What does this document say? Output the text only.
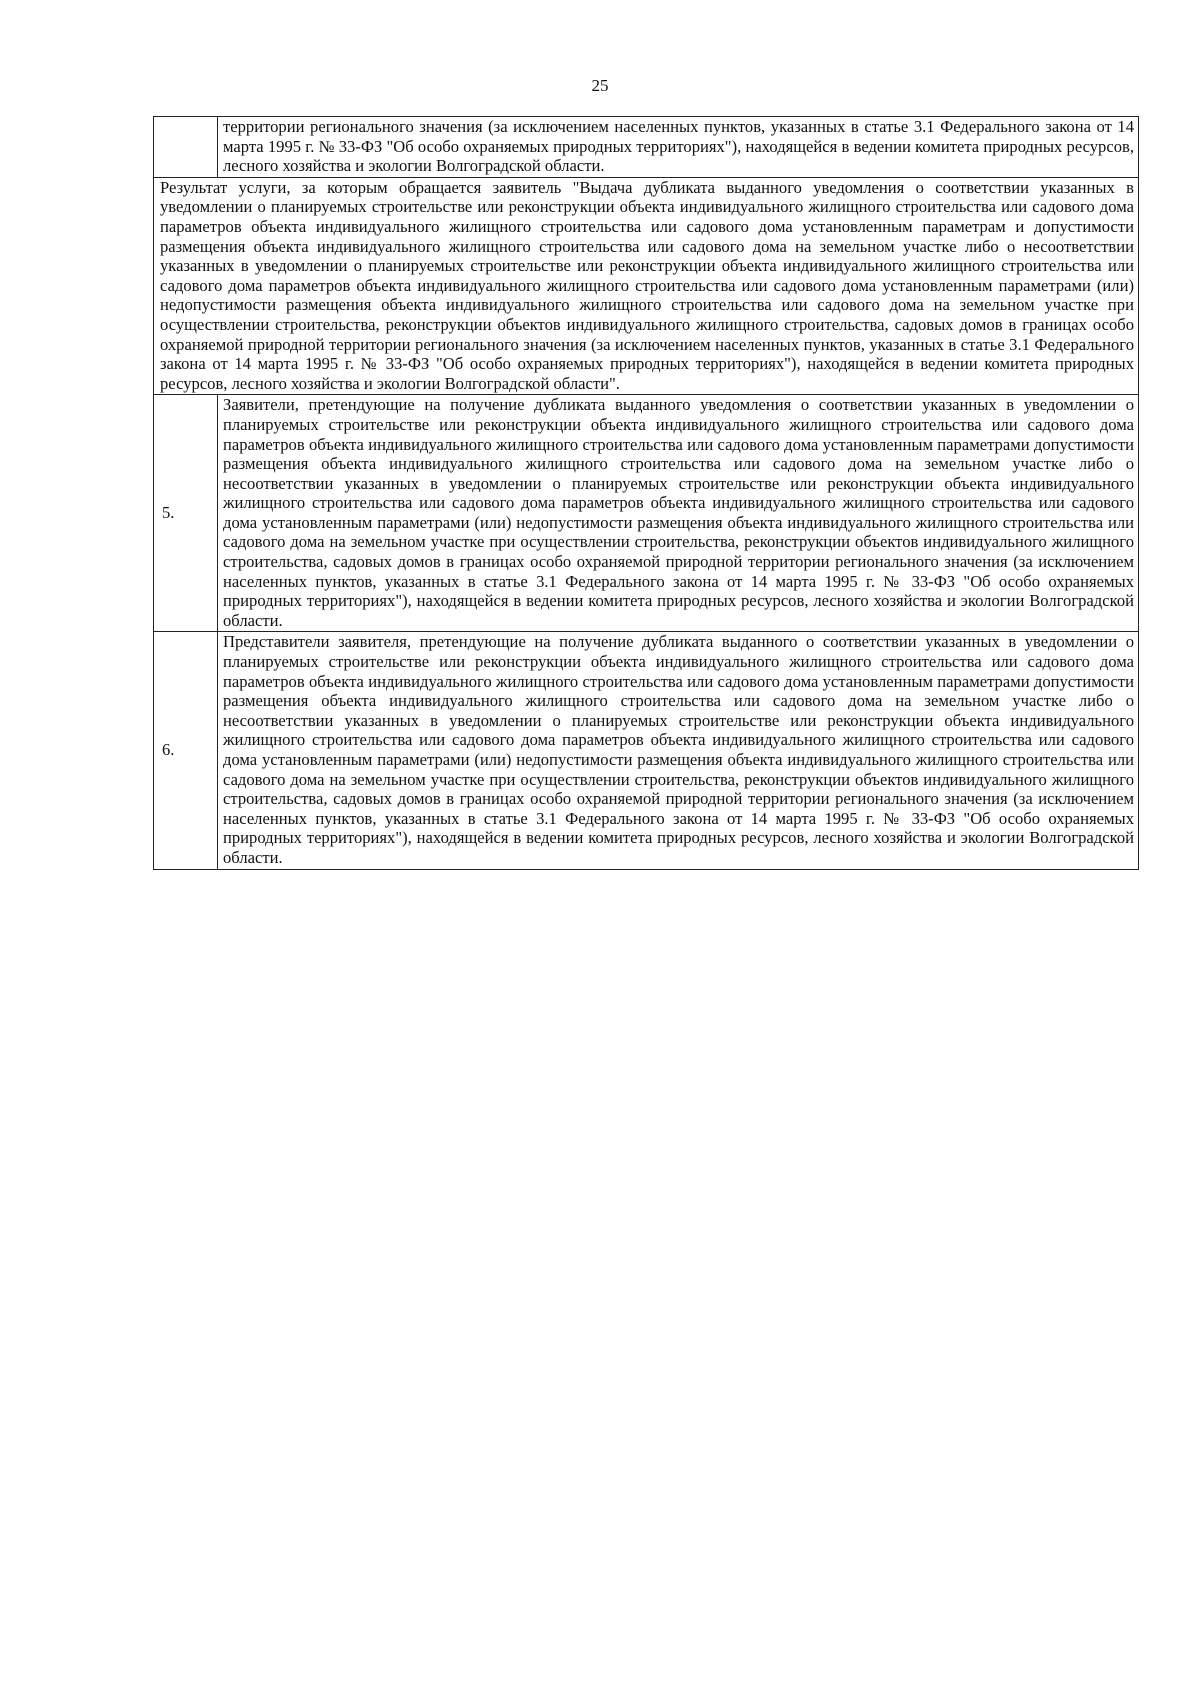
25

	территории регионального значения (за исключением населенных пунктов, указанных в статье 3.1 Федерального закона от 14 марта 1995 г. № 33-ФЗ "Об особо охраняемых природных территориях"), находящейся в ведении комитета природных ресурсов, лесного хозяйства и экологии Волгоградской области.

Результат услуги, за которым обращается заявитель "Выдача дубликата выданного уведомления о соответствии указанных в уведомлении о планируемых строительстве или реконструкции объекта индивидуального жилищного строительства или садового дома параметров объекта индивидуального жилищного строительства или садового дома установленным параметрам и допустимости размещения объекта индивидуального жилищного строительства или садового дома на земельном участке либо о несоответствии указанных в уведомлении о планируемых строительстве или реконструкции объекта индивидуального жилищного строительства или садового дома параметров объекта индивидуального жилищного строительства или садового дома установленным параметрами (или) недопустимости размещения объекта индивидуального жилищного строительства или садового дома на земельном участке при осуществлении строительства, реконструкции объектов индивидуального жилищного строительства, садовых домов в границах особо охраняемой природной территории регионального значения (за исключением населенных пунктов, указанных в статье 3.1 Федерального закона от 14 марта 1995 г. № 33-ФЗ "Об особо охраняемых природных территориях"), находящейся в ведении комитета природных ресурсов, лесного хозяйства и экологии Волгоградской области".	

5.	Заявители, претендующие на получение дубликата выданного уведомления о соответствии указанных в уведомлении о планируемых строительстве или реконструкции объекта индивидуального жилищного строительства или садового дома параметров объекта индивидуального жилищного строительства или садового дома установленным параметрами допустимости размещения объекта индивидуального жилищного строительства или садового дома на земельном участке либо о несоответствии указанных в уведомлении о планируемых строительстве или реконструкции объекта индивидуального жилищного строительства или садового дома параметров объекта индивидуального жилищного строительства или садового дома установленным параметрами (или) недопустимости размещения объекта индивидуального жилищного строительства или садового дома на земельном участке при осуществлении строительства, реконструкции объектов индивидуального жилищного строительства, садовых домов в границах особо охраняемой природной территории регионального значения (за исключением населенных пунктов, указанных в статье 3.1 Федерального закона от 14 марта 1995 г. № 33-ФЗ "Об особо охраняемых природных территориях"), находящейся в ведении комитета природных ресурсов, лесного хозяйства и экологии Волгоградской области.

6.	Представители заявителя, претендующие на получение дубликата выданного о соответствии указанных в уведомлении о планируемых строительстве или реконструкции объекта индивидуального жилищного строительства или садового дома параметров объекта индивидуального жилищного строительства или садового дома установленным параметрами допустимости размещения объекта индивидуального жилищного строительства или садового дома на земельном участке либо о несоответствии указанных в уведомлении о планируемых строительстве или реконструкции объекта индивидуального жилищного строительства или садового дома параметров объекта индивидуального жилищного строительства или садового дома установленным параметрами (или) недопустимости размещения объекта индивидуального жилищного строительства или садового дома на земельном участке при осуществлении строительства, реконструкции объектов индивидуального жилищного строительства, садовых домов в границах особо охраняемой природной территории регионального значения (за исключением населенных пунктов, указанных в статье 3.1 Федерального закона от 14 марта 1995 г. № 33-ФЗ "Об особо охраняемых природных территориях"), находящейся в ведении комитета природных ресурсов, лесного хозяйства и экологии Волгоградской области.
